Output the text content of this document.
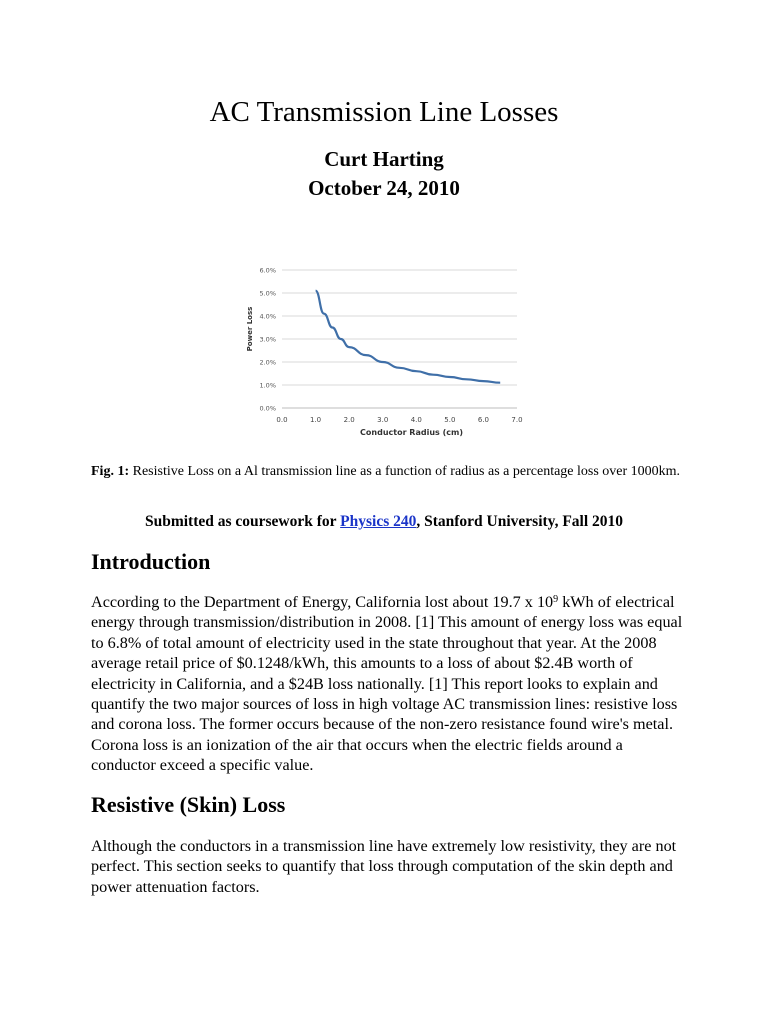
AC Transmission Line Losses

Curt Harting

October 24, 2010

0.0%
1.0%
2.0%
3.0%
4.0%
5.0%
6.0%
0.0	1.0	2.0	3.0	4.0	5.0	6.0	7.0
Power Loss
Conductor Radius (cm)

Fig. 1: Resistive Loss on a Al transmission line as a function of radius as a percentage loss over 1000km.

Submitted as coursework for Physics 240, Stanford University, Fall 2010

Introduction

According to the Department of Energy, California lost about 19.7 x $10^9$ kWh of electrical energy through transmission/distribution in 2008. [1] This amount of energy loss was equal to 6.8% of total amount of electricity used in the state throughout that year. At the 2008 average retail price of $0.1248/kWh, this amounts to a loss of about $2.4B worth of electricity in California, and a $24B loss nationally. [1] This report looks to explain and quantify the two major sources of loss in high voltage AC transmission lines: resistive loss and corona loss. The former occurs because of the non-zero resistance found wire's metal. Corona loss is an ionization of the air that occurs when the electric fields around a conductor exceed a specific value.

Resistive (Skin) Loss

Although the conductors in a transmission line have extremely low resistivity, they are not perfect. This section seeks to quantify that loss through computation of the skin depth and power attenuation factors.
